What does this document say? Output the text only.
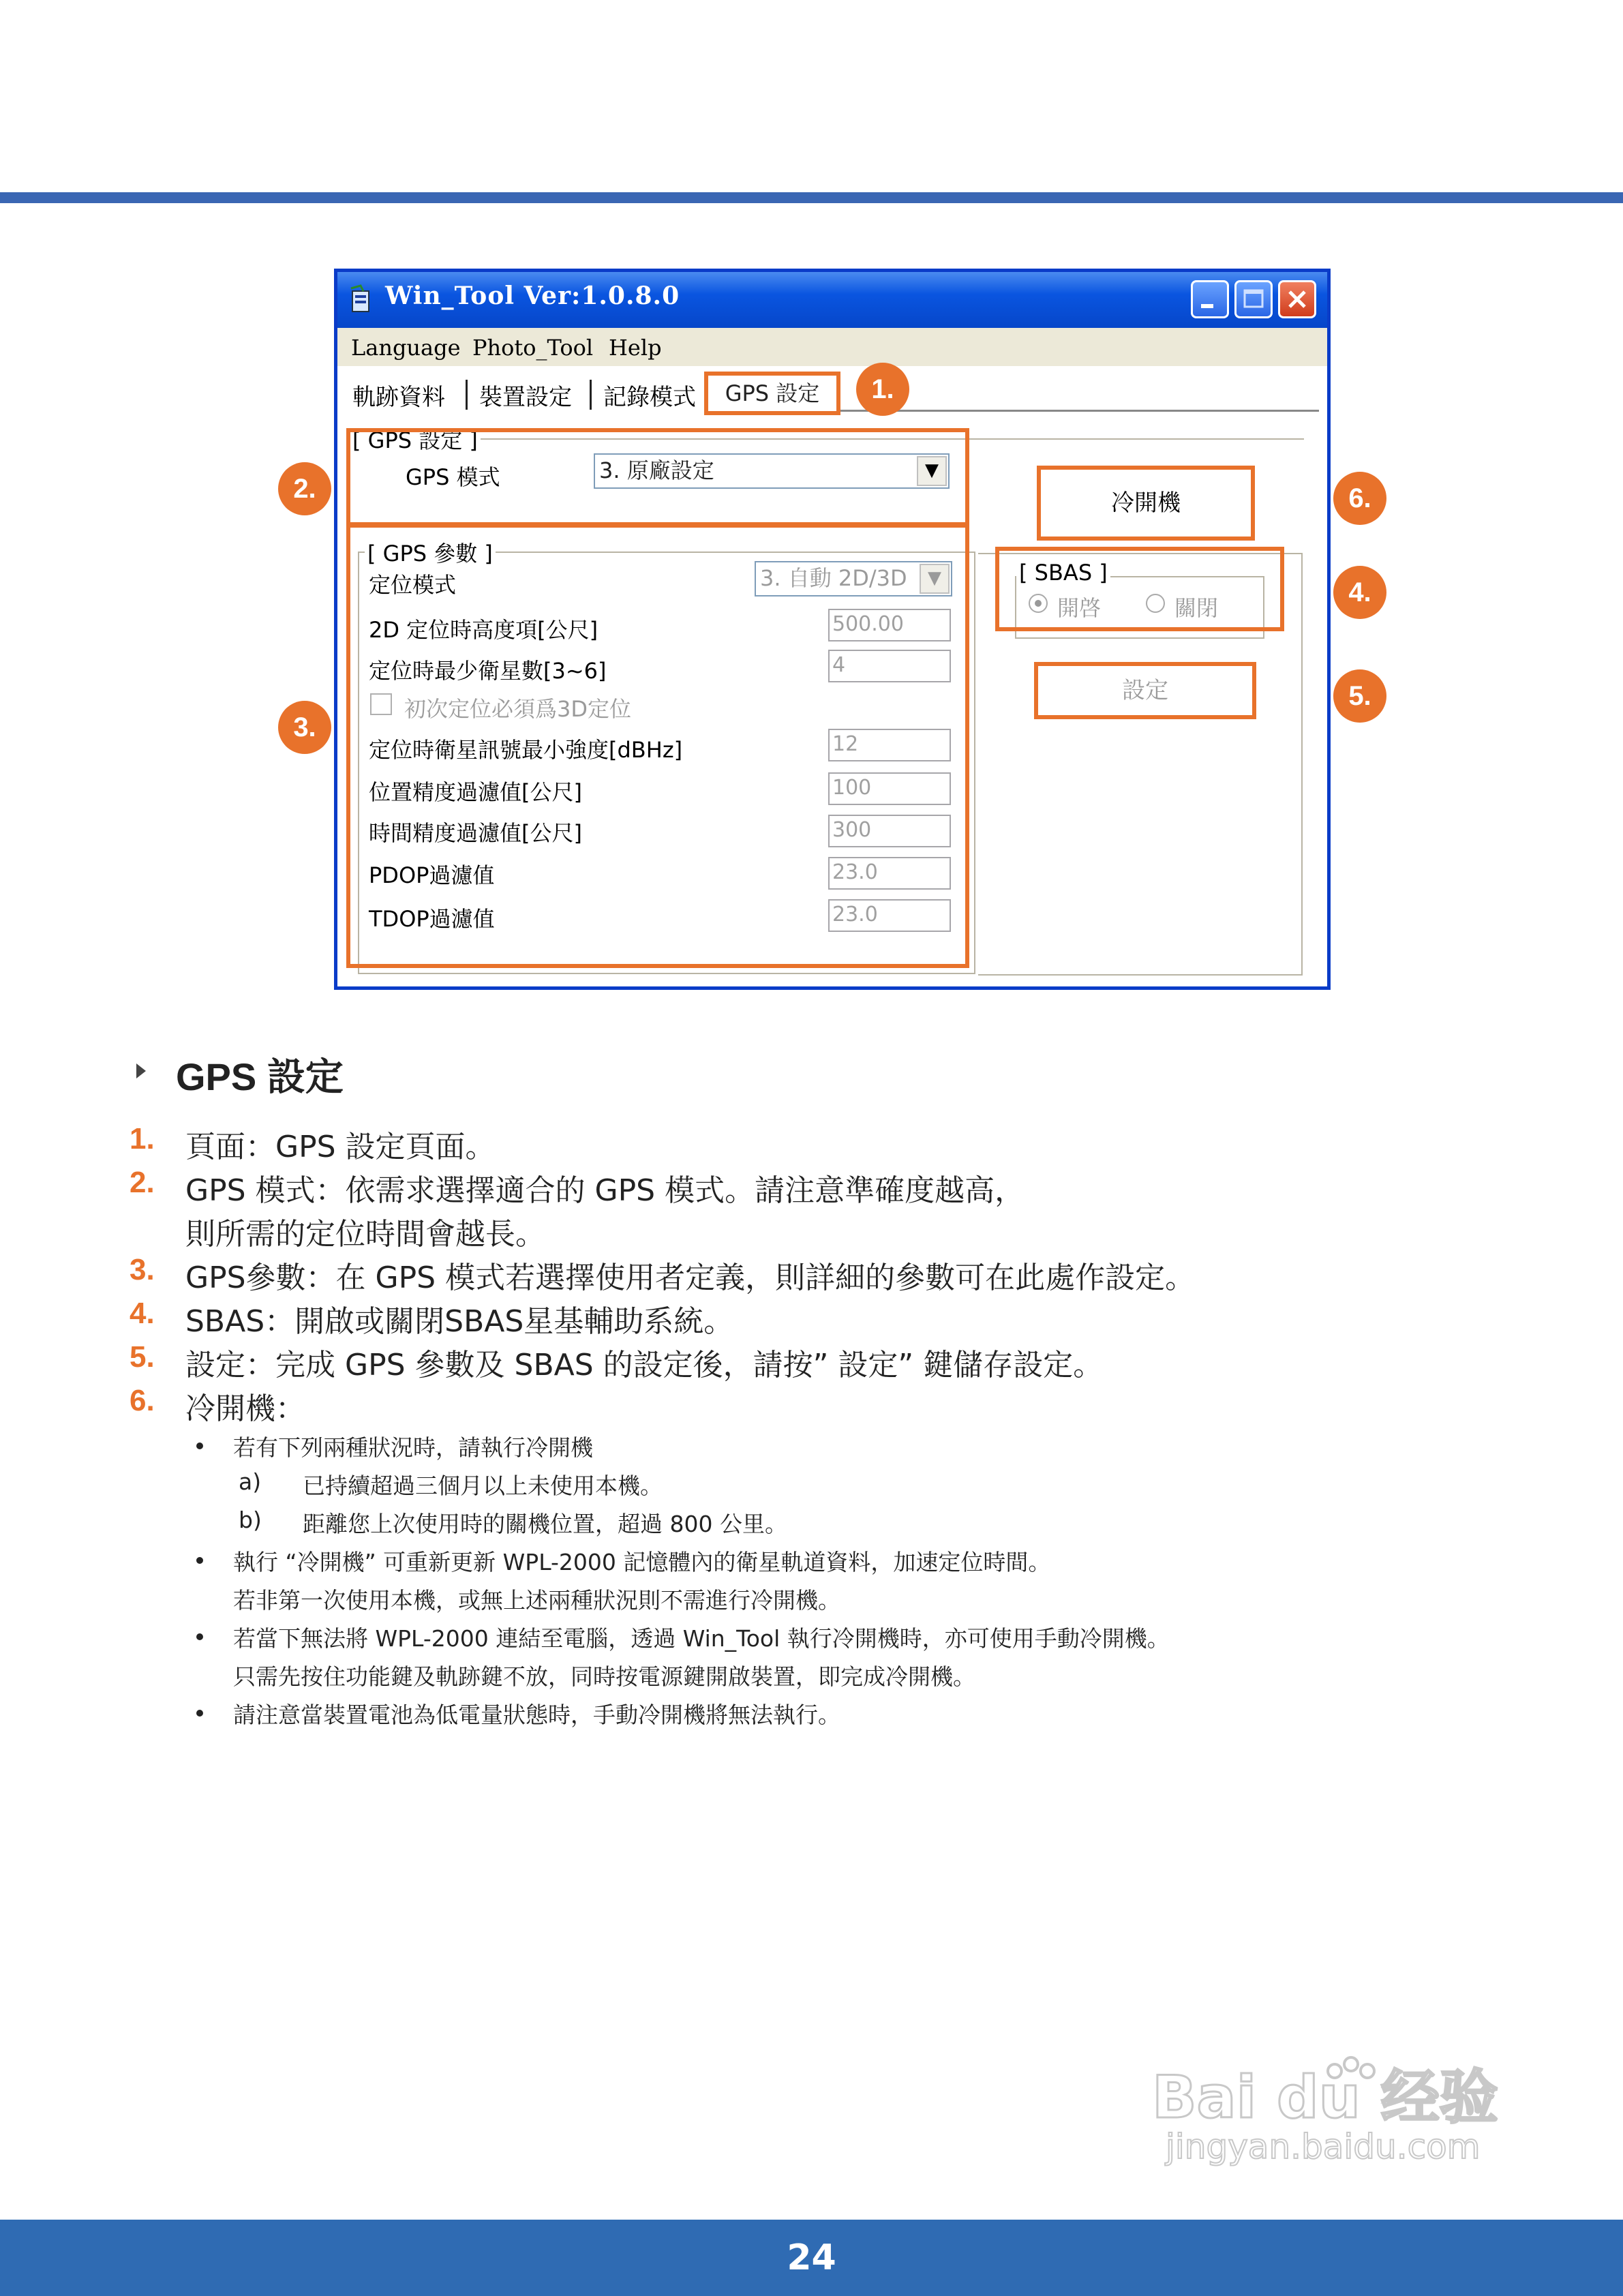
Win_Tool Ver:1.0.8.0
Language Photo_Tool Help
軌跡資料 裝置設定 記錄模式	GPS 設定
[ GPS 設定 ]
GPS 模式	3. 原廠設定	▼
[ GPS 參數 ]
定位模式	3. 自動 2D/3D	▼
2D 定位時高度項[公尺]	500.00
定位時最少衛星數[3~6]	4
初次定位必須爲3D定位
定位時衛星訊號最小強度[dBHz]	12
位置精度過濾值[公尺]	100
時間精度過濾值[公尺]	300
PDOP過濾值	23.0
TDOP過濾值	23.0
冷開機
[ SBAS ]
開啓	關閉
設定
1.
2.
3.
4.
5.
6.
GPS 設定
1. 頁面：GPS 設定頁面。
2. GPS 模式：依需求選擇適合的 GPS 模式。請注意準確度越高，
則所需的定位時間會越長。
3. GPS參數：在 GPS 模式若選擇使用者定義，則詳細的參數可在此處作設定。
4. SBAS：開啟或關閉SBAS星基輔助系統。
5. 設定：完成 GPS 參數及 SBAS 的設定後，請按” 設定” 鍵儲存設定。
6. 冷開機：
若有下列兩種狀況時，請執行冷開機
a) 已持續超過三個月以上未使用本機。
b) 距離您上次使用時的關機位置，超過 800 公里。
執行 “冷開機” 可重新更新 WPL-2000 記憶體內的衛星軌道資料，加速定位時間。
若非第一次使用本機，或無上述兩種狀況則不需進行冷開機。
若當下無法將 WPL-2000 連結至電腦，透過 Win_Tool 執行冷開機時，亦可使用手動冷開機。
只需先按住功能鍵及軌跡鍵不放，同時按電源鍵開啟裝置，即完成冷開機。
請注意當裝置電池為低電量狀態時，手動冷開機將無法執行。
Bai du 经验
jingyan.baidu.com
24
